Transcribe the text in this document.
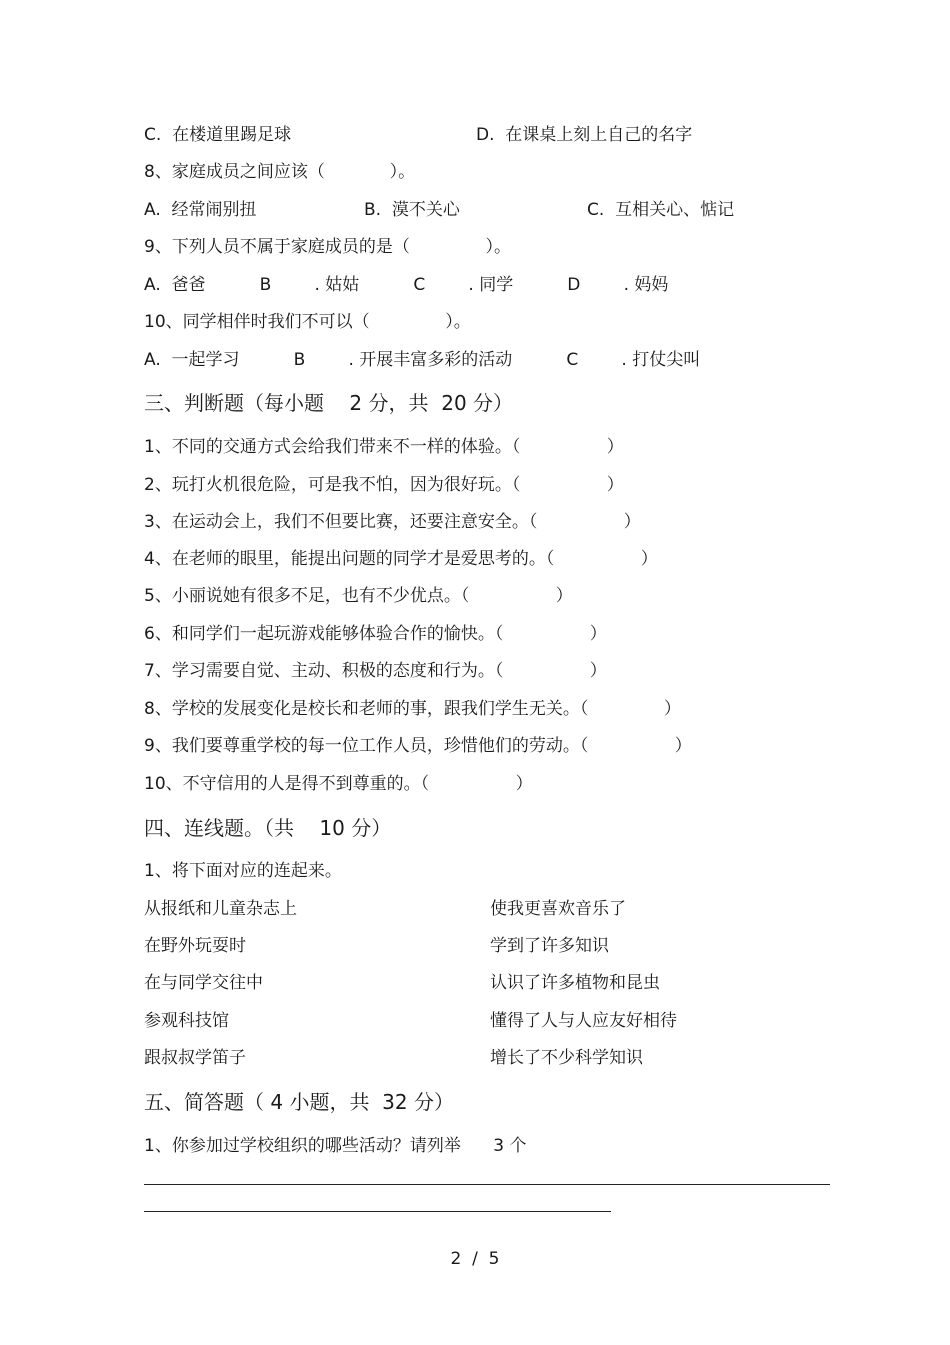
C.  在楼道里踢足球	D.  在课桌上刻上自己的名字
8、家庭成员之间应该（            ）。
A.  经常闹别扭	B.  漠不关心	C.  互相关心、惦记
9、下列人员不属于家庭成员的是（              ）。
A.  爸爸          B        . 姑姑          C        . 同学          D        . 妈妈
10、同学相伴时我们不可以（              ）。
A.  一起学习          B        . 开展丰富多彩的活动          C        . 打仗尖叫
三、判断题（每小题    2 分，共  20 分）
1、不同的交通方式会给我们带来不一样的体验。（                ）
2、玩打火机很危险，可是我不怕，因为很好玩。（                ）
3、在运动会上，我们不但要比赛，还要注意安全。（                ）
4、在老师的眼里，能提出问题的同学才是爱思考的。（                ）
5、小丽说她有很多不足，也有不少优点。（                ）
6、和同学们一起玩游戏能够体验合作的愉快。（                ）
7、学习需要自觉、主动、积极的态度和行为。（                ）
8、学校的发展变化是校长和老师的事，跟我们学生无关。（              ）
9、我们要尊重学校的每一位工作人员，珍惜他们的劳动。（                ）
10、不守信用的人是得不到尊重的。（                ）
四、连线题。（共    10 分）
1、将下面对应的连起来。
从报纸和儿童杂志上	使我更喜欢音乐了
在野外玩耍时	学到了许多知识
在与同学交往中	认识了许多植物和昆虫
参观科技馆	懂得了人与人应友好相待
跟叔叔学笛子	增长了不少科学知识
五、简答题（ 4 小题，共  32 分）
1、你参加过学校组织的哪些活动？请列举      3 个
2  /  5
